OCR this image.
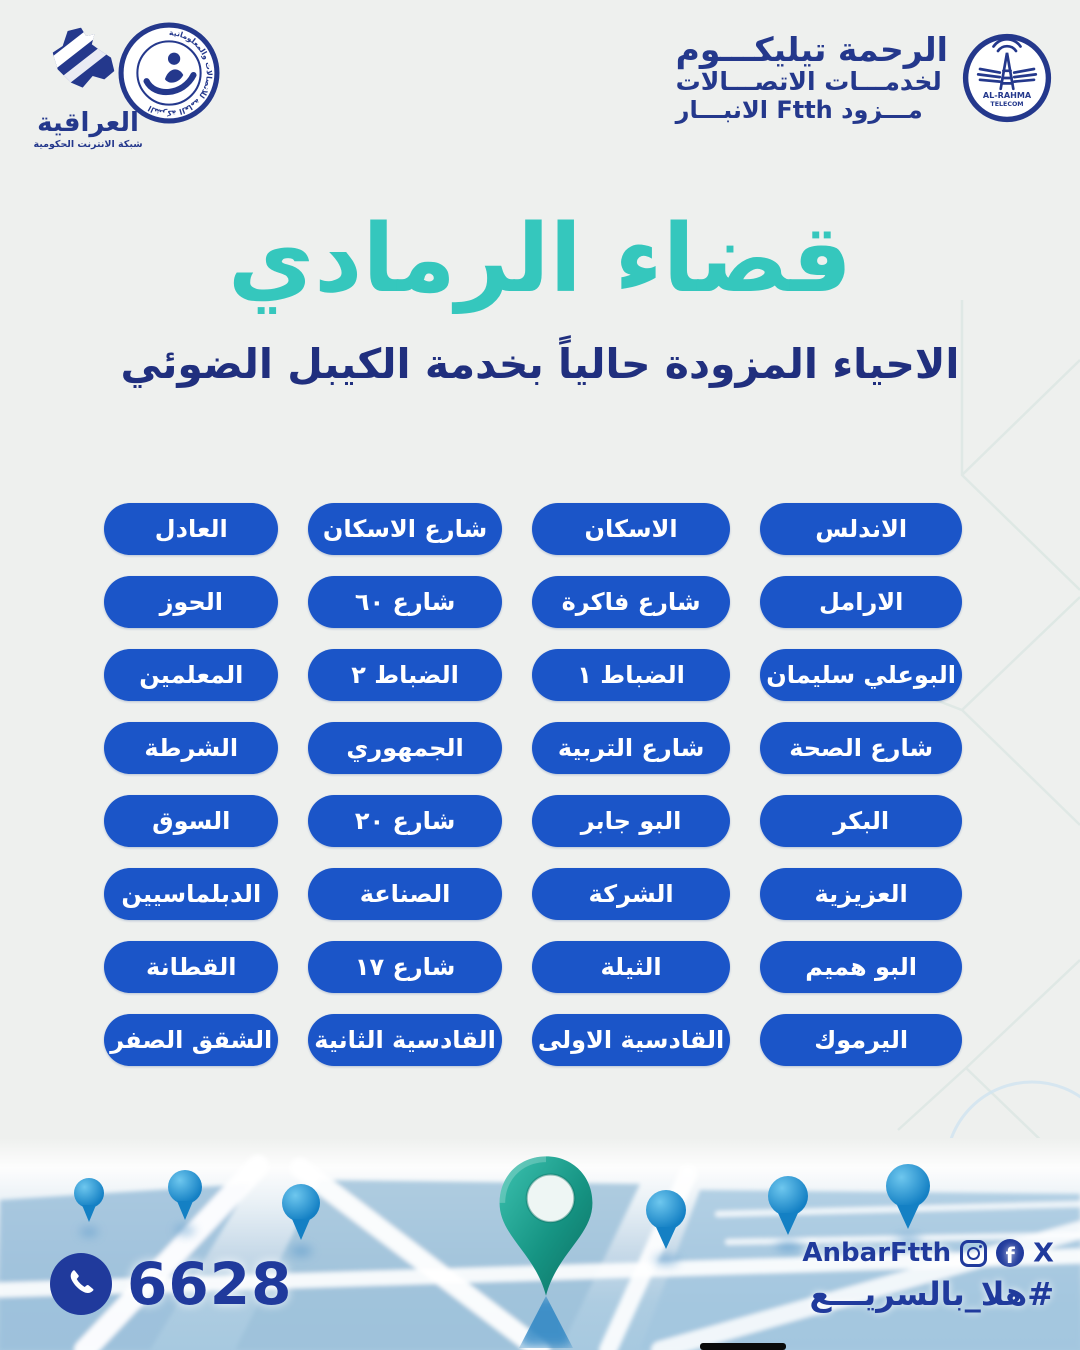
العراقية
شبكة الانترنت الحكومية
الشركة العامة للاتصالات والمعلوماتية
الرحمة تيليكـــوم
لخدمـــات الاتصـــالات
مـــزود Ftth الانبـــار
AL-RAHMA
TELECOM
قضاء الرمادي
الاحياء المزودة حالياً بخدمة الكيبل الضوئي
الاندلس
الاسكان
شارع الاسكان
العادل
الارامل
شارع فاكرة
شارع ٦٠
الحوز
البوعلي سليمان
الضباط ١
الضباط ٢
المعلمين
شارع الصحة
شارع التربية
الجمهوري
الشرطة
البكر
البو جابر
شارع ٢٠
السوق
العزيزية
الشركة
الصناعة
الدبلماسيين
البو هميم
الثيلة
شارع ١٧
القطانة
اليرموك
القادسية الاولى
القادسية الثانية
الشقق الصفر
6628	AnbarFtth	f X
#هلا_بالسريـــع
